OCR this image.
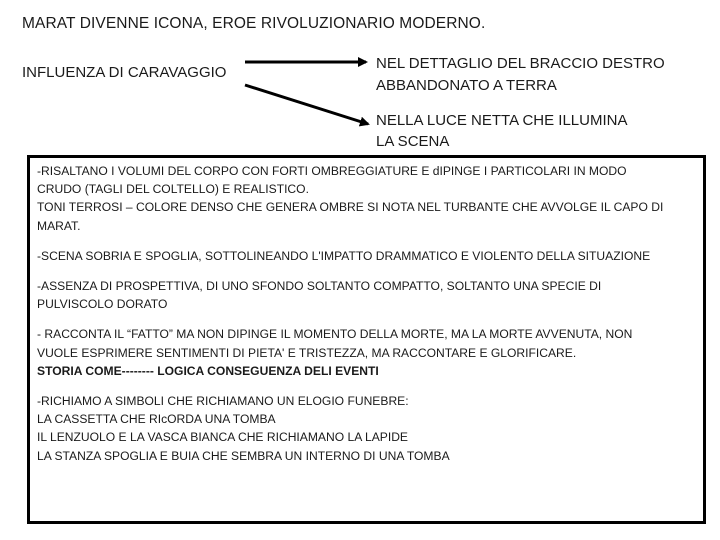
MARAT DIVENNE ICONA, EROE RIVOLUZIONARIO MODERNO.
INFLUENZA DI CARAVAGGIO
NEL DETTAGLIO DEL BRACCIO DESTRO
ABBANDONATO A TERRA
NELLA LUCE NETTA CHE ILLUMINA
LA SCENA
-RISALTANO I VOLUMI DEL CORPO CON FORTI OMBREGGIATURE E dIPINGE I PARTICOLARI IN MODO
CRUDO (TAGLI DEL COLTELLO) E REALISTICO.
TONI TERROSI – COLORE DENSO CHE GENERA OMBRE SI NOTA NEL TURBANTE CHE AVVOLGE IL CAPO DI
MARAT.
-SCENA SOBRIA E SPOGLIA, SOTTOLINEANDO L'IMPATTO DRAMMATICO E VIOLENTO DELLA SITUAZIONE
-ASSENZA DI PROSPETTIVA, DI UNO SFONDO SOLTANTO COMPATTO, SOLTANTO UNA SPECIE DI
PULVISCOLO DORATO
- RACCONTA IL “FATTO” MA NON DIPINGE IL MOMENTO DELLA MORTE, MA LA MORTE AVVENUTA, NON
VUOLE ESPRIMERE SENTIMENTI DI PIETA' E TRISTEZZA, MA RACCONTARE E GLORIFICARE.
STORIA COME-------- LOGICA CONSEGUENZA DELI EVENTI
-RICHIAMO A SIMBOLI CHE RICHIAMANO UN ELOGIO FUNEBRE:
LA CASSETTA CHE RIcORDA UNA TOMBA
IL LENZUOLO E LA VASCA BIANCA CHE RICHIAMANO LA LAPIDE
LA STANZA SPOGLIA E BUIA CHE SEMBRA UN INTERNO DI UNA TOMBA
